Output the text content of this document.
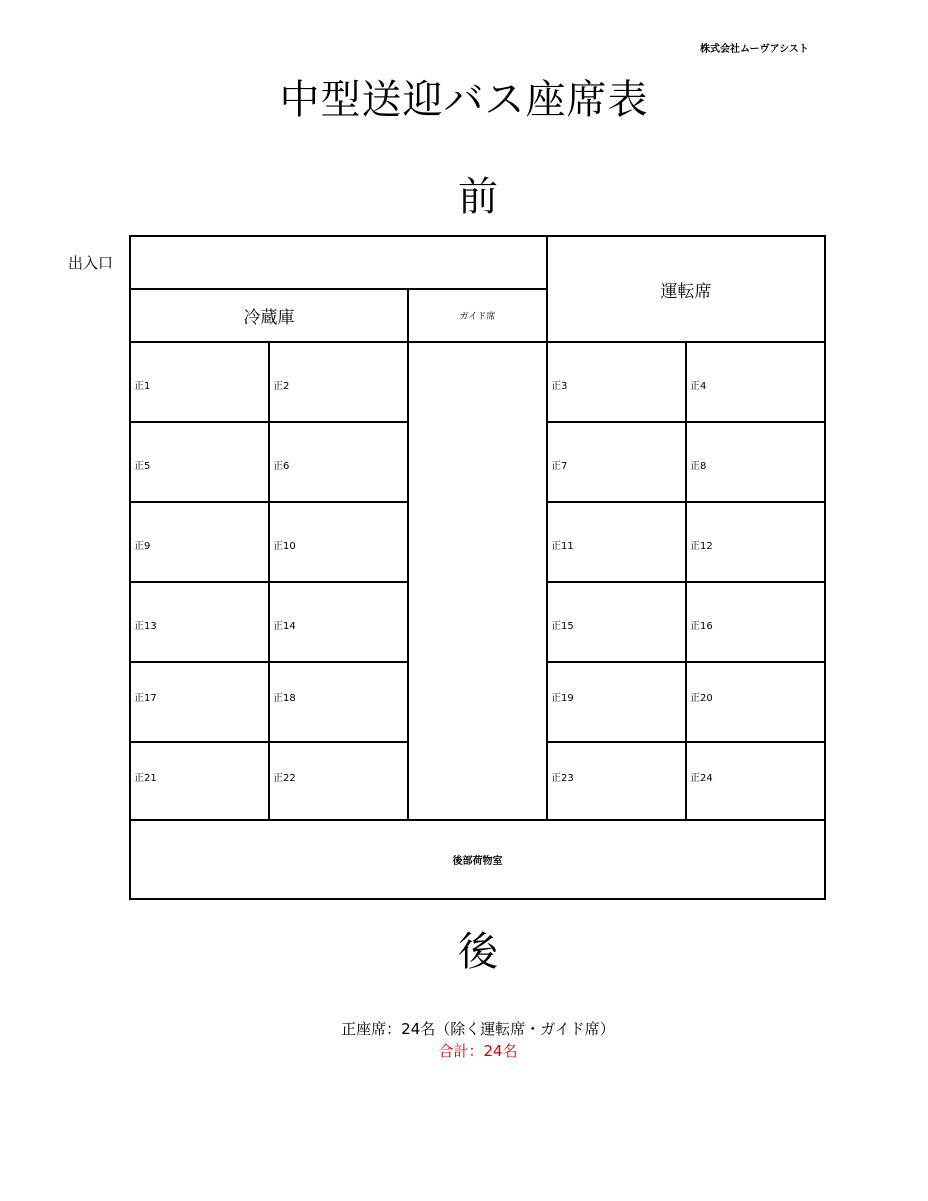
株式会社ムーヴアシスト
中型送迎バス座席表
前
出入口
運転席
冷蔵庫	ガイド席
正1	正2	正3	正4
正5	正6	正7	正8
正9	正10	正11	正12
正13	正14	正15	正16
正17	正18	正19	正20
正21	正22	正23	正24
後部荷物室
後
正座席：24名（除く運転席・ガイド席）
合計：24名
